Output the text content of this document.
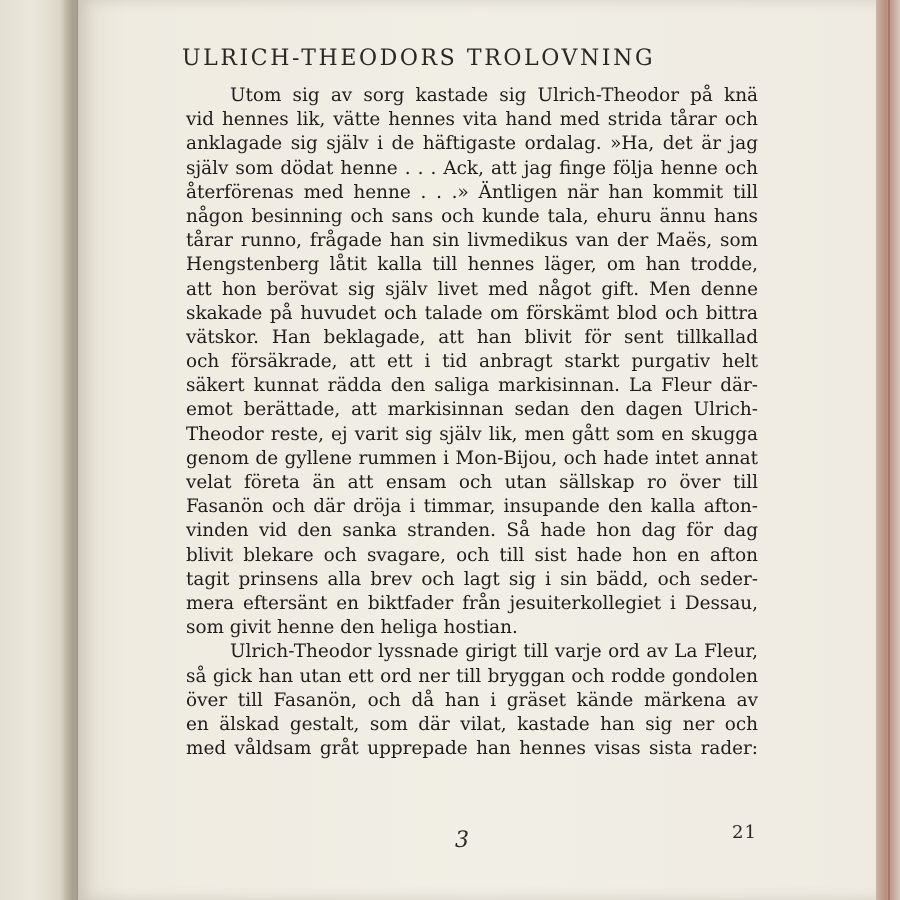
ULRICH-THEODORS TROLOVNING
Utom sig av sorg kastade sig Ulrich-Theodor på knä
vid hennes lik, vätte hennes vita hand med strida tårar och
anklagade sig själv i de häftigaste ordalag. »Ha, det är jag
själv som dödat henne . . . Ack, att jag finge följa henne och
återförenas med henne . . .» Äntligen när han kommit till
någon besinning och sans och kunde tala, ehuru ännu hans
tårar runno, frågade han sin livmedikus van der Maës, som
Hengstenberg låtit kalla till hennes läger, om han trodde,
att hon berövat sig själv livet med något gift. Men denne
skakade på huvudet och talade om förskämt blod och bittra
vätskor. Han beklagade, att han blivit för sent tillkallad
och försäkrade, att ett i tid anbragt starkt purgativ helt
säkert kunnat rädda den saliga markisinnan. La Fleur där-
emot berättade, att markisinnan sedan den dagen Ulrich-
Theodor reste, ej varit sig själv lik, men gått som en skugga
genom de gyllene rummen i Mon-Bijou, och hade intet annat
velat företa än att ensam och utan sällskap ro över till
Fasanön och där dröja i timmar, insupande den kalla afton-
vinden vid den sanka stranden. Så hade hon dag för dag
blivit blekare och svagare, och till sist hade hon en afton
tagit prinsens alla brev och lagt sig i sin bädd, och seder-
mera eftersänt en biktfader från jesuiterkollegiet i Dessau,
som givit henne den heliga hostian.
Ulrich-Theodor lyssnade girigt till varje ord av La Fleur,
så gick han utan ett ord ner till bryggan och rodde gondolen
över till Fasanön, och då han i gräset kände märkena av
en älskad gestalt, som där vilat, kastade han sig ner och
med våldsam gråt upprepade han hennes visas sista rader:

3	21
